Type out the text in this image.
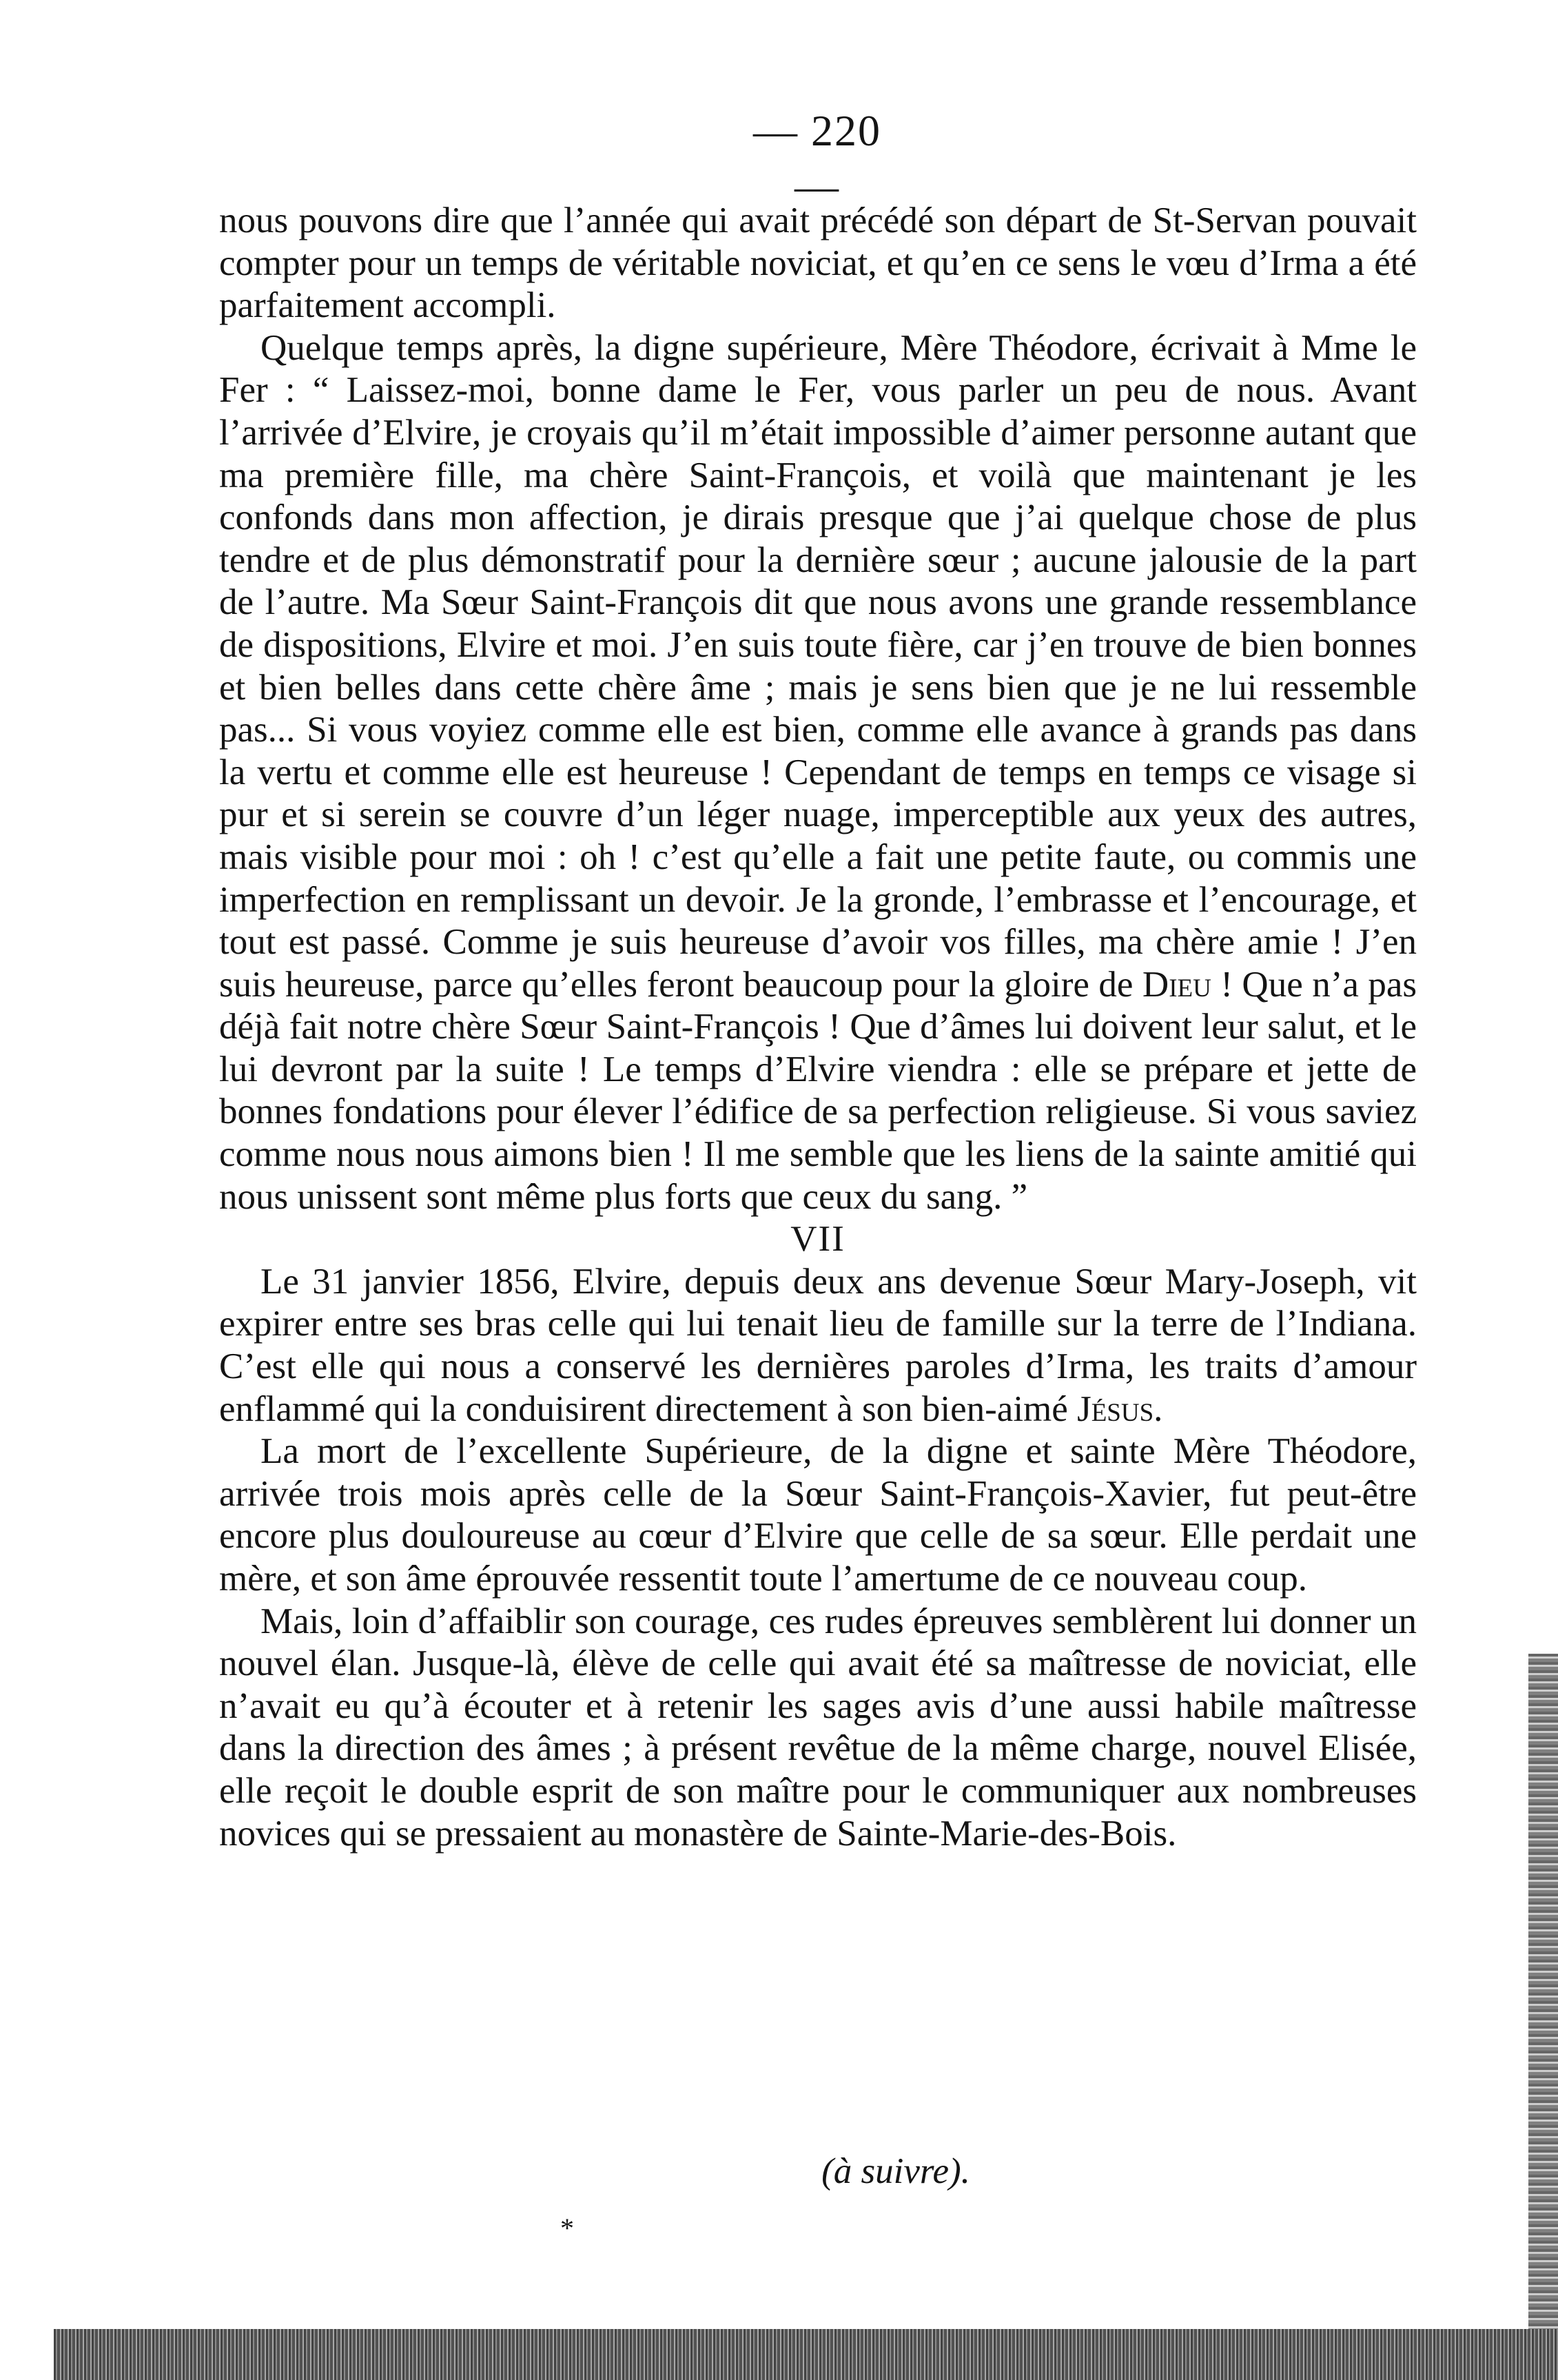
— 220 —

nous pouvons dire que l’année qui avait précédé son départ de St-Servan pouvait compter pour un temps de véritable noviciat, et qu’en ce sens le vœu d’Irma a été parfaitement accompli.

Quelque temps après, la digne supérieure, Mère Théodore, écrivait à Mme le Fer : “ Laissez-moi, bonne dame le Fer, vous parler un peu de nous. Avant l’arrivée d’Elvire, je croyais qu’il m’était impossible d’aimer personne autant que ma première fille, ma chère Saint-François, et voilà que maintenant je les confonds dans mon affection, je dirais presque que j’ai quelque chose de plus tendre et de plus démonstratif pour la dernière sœur ; aucune jalousie de la part de l’autre. Ma Sœur Saint-François dit que nous avons une grande ressemblance de dispositions, Elvire et moi. J’en suis toute fière, car j’en trouve de bien bonnes et bien belles dans cette chère âme ; mais je sens bien que je ne lui ressemble pas... Si vous voyiez comme elle est bien, comme elle avance à grands pas dans la vertu et comme elle est heureuse ! Cependant de temps en temps ce visage si pur et si serein se couvre d’un léger nuage, imperceptible aux yeux des autres, mais visible pour moi : oh ! c’est qu’elle a fait une petite faute, ou commis une imperfection en remplissant un devoir. Je la gronde, l’embrasse et l’encourage, et tout est passé. Comme je suis heureuse d’avoir vos filles, ma chère amie ! J’en suis heureuse, parce qu’elles feront beaucoup pour la gloire de Dieu ! Que n’a pas déjà fait notre chère Sœur Saint-François ! Que d’âmes lui doivent leur salut, et le lui devront par la suite ! Le temps d’Elvire viendra : elle se prépare et jette de bonnes fondations pour élever l’édifice de sa perfection religieuse. Si vous saviez comme nous nous aimons bien ! Il me semble que les liens de la sainte amitié qui nous unissent sont même plus forts que ceux du sang. ”

VII

Le 31 janvier 1856, Elvire, depuis deux ans devenue Sœur Mary-Joseph, vit expirer entre ses bras celle qui lui tenait lieu de famille sur la terre de l’Indiana. C’est elle qui nous a conservé les dernières paroles d’Irma, les traits d’amour enflammé qui la conduisirent directement à son bien-aimé Jésus.

La mort de l’excellente Supérieure, de la digne et sainte Mère Théodore, arrivée trois mois après celle de la Sœur Saint-François-Xavier, fut peut-être encore plus douloureuse au cœur d’Elvire que celle de sa sœur. Elle perdait une mère, et son âme éprouvée ressentit toute l’amertume de ce nouveau coup.

Mais, loin d’affaiblir son courage, ces rudes épreuves semblèrent lui donner un nouvel élan. Jusque-là, élève de celle qui avait été sa maîtresse de noviciat, elle n’avait eu qu’à écouter et à retenir les sages avis d’une aussi habile maîtresse dans la direction des âmes ; à présent revêtue de la même charge, nouvel Elisée, elle reçoit le double esprit de son maître pour le communiquer aux nombreuses novices qui se pressaient au monastère de Sainte-Marie-des-Bois.

(à suivre).
*
